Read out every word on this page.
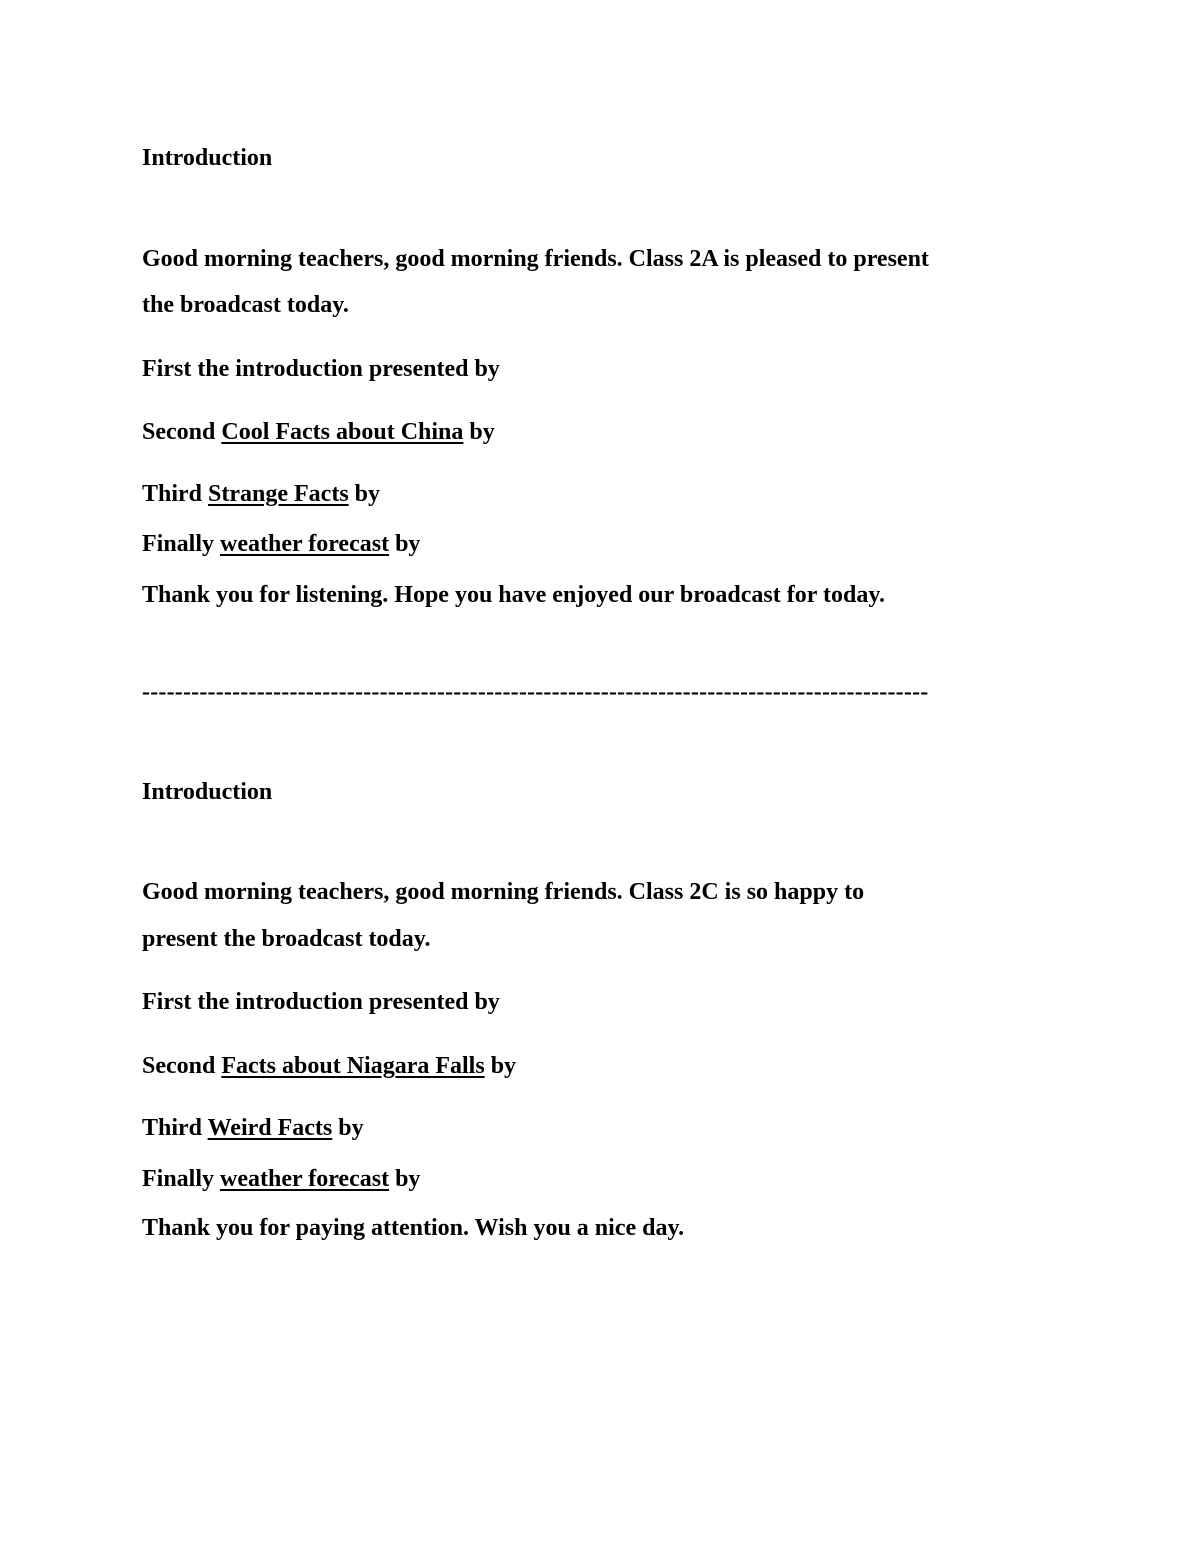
Introduction
Good morning teachers, good morning friends. Class 2A is pleased to present
the broadcast today.
First the introduction presented by
Second Cool Facts about China by
Third Strange Facts by
Finally weather forecast by
Thank you for listening. Hope you have enjoyed our broadcast for today.
------------------------------------------------------------------------------------------------
Introduction
Good morning teachers, good morning friends. Class 2C is so happy to
present the broadcast today.
First the introduction presented by
Second Facts about Niagara Falls by
Third Weird Facts by
Finally weather forecast by
Thank you for paying attention. Wish you a nice day.
